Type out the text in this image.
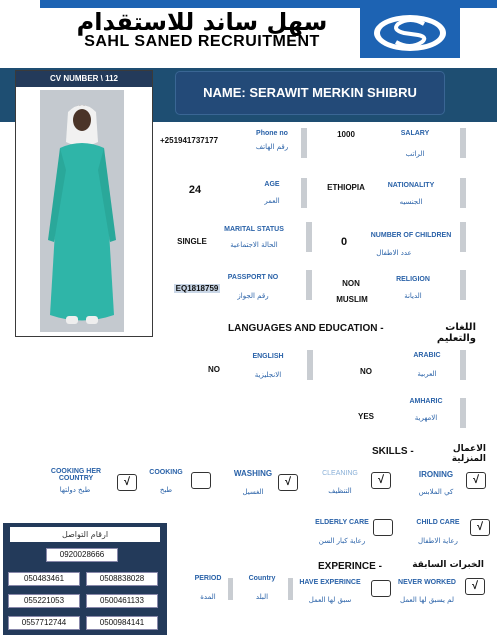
سهل ساند للاستقدام
SAHL SANED RECRUITMENT
CV NUMBER \ 112
NAME: SERAWIT MERKIN SHIBRU
+251941737177
Phone no
رقم الهاتف
1000	SALARY
الراتب
24	AGE
العمر
ETHIOPIA	NATIONALITY
الجنسيه
SINGLE
MARITAL STATUS
الحالة الاجتماعية	0
NUMBER OF CHILDREN
عدد الاطفال
EQ1818759
PASSPORT NO
رقم الجواز
NON
MUSLIM
RELIGION
الديانة
LANGUAGES AND EDUCATION -	اللغات والتعليم
NO
ENGLISH
الانجليزية	NO
ARABIC
العربية
YES
AMHARIC
الامهرية
SKILLS -	الاعمال المنزلية
COOKING HER COUNTRY
طبخ دولتها
√
COOKING
طبخ
WASHING
الغسيل
√
CLEANING
التنظيف
√	IRONING
كي الملابس
√
ELDERLY CARE
رعاية كبار السن
CHILD CARE
رعاية الاطفال
√
EXPERINCE -	الخبرات السابقة
PERIOD
المدة
Country
البلد
HAVE EXPERINCE
سبق لها العمل
NEVER WORKED
لم يسبق لها العمل
√
ارقام التواصل
0920028666
050483461	0508838028
055221053	0500461133
0557712744	0500984141
